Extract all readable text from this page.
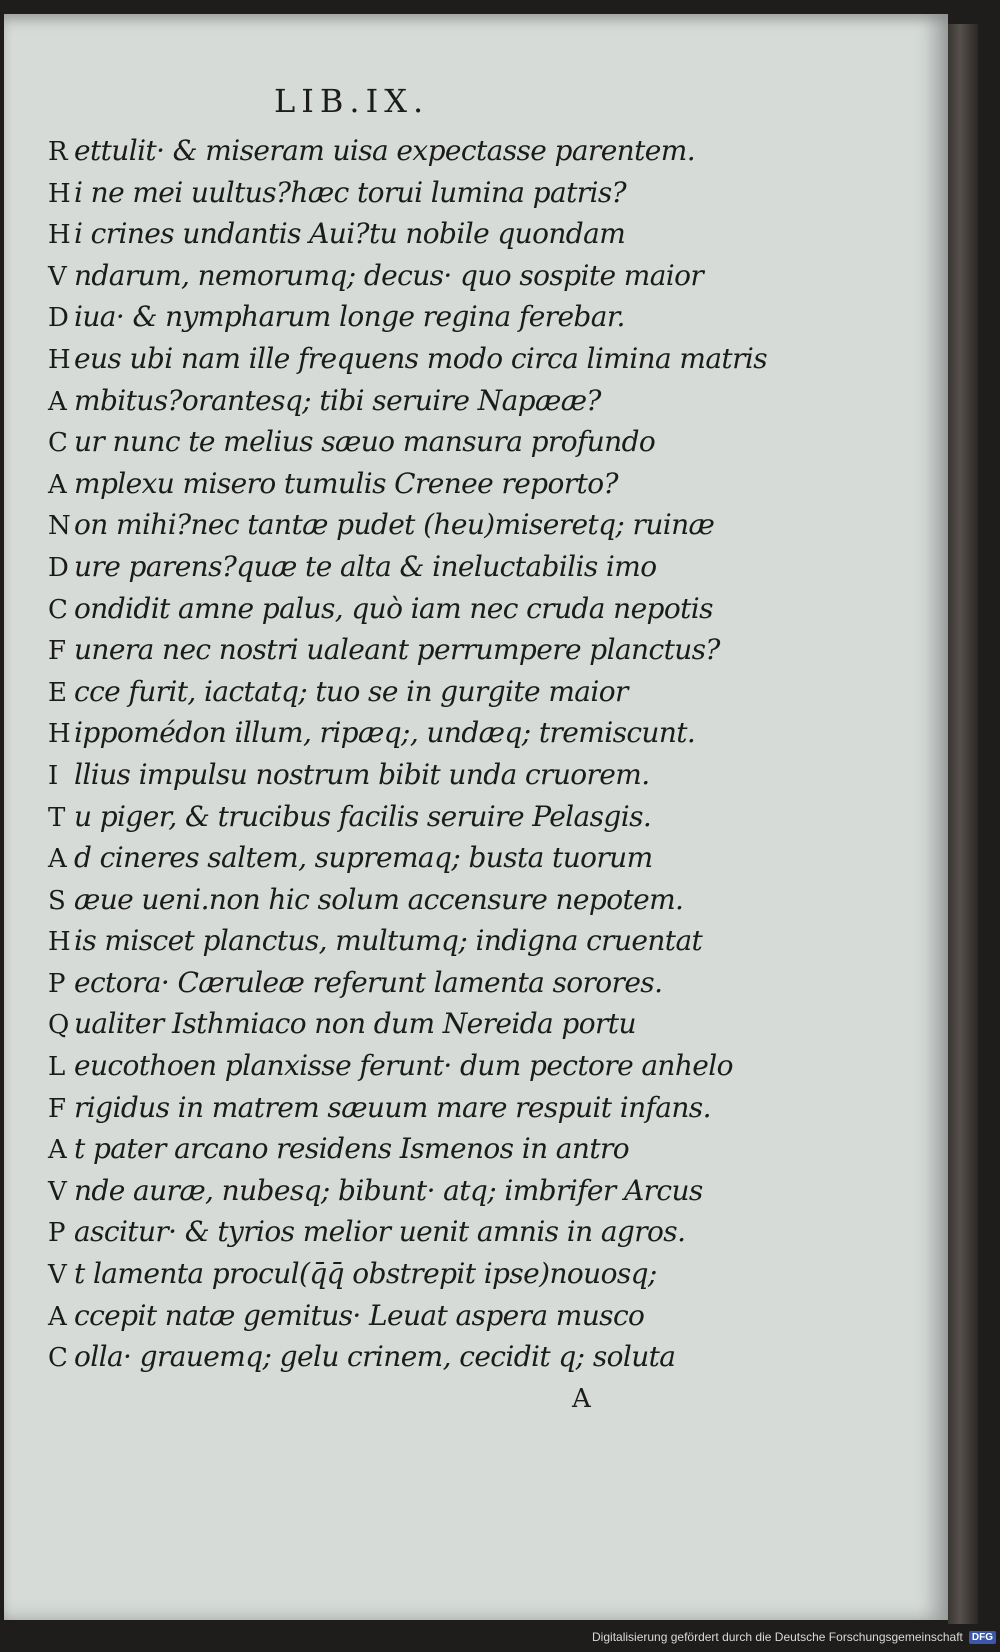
LIB.IX.
R ettulit· & miseram uisa expectasse parentem.
H i ne mei uultus?hæc torui lumina patris?
H i crines undantis Aui?tu nobile quondam
V ndarum, nemorumq; decus· quo sospite maior
D iua· & nympharum longe regina ferebar.
H eus ubi nam ille frequens modo circa limina matris
A mbitus?orantesq; tibi seruire Napææ?
C ur nunc te melius sæuo mansura profundo
A mplexu misero tumulis Crenee reporto?
N on mihi?nec tantæ pudet (heu)miseretq; ruinæ
D ure parens?quæ te alta & ineluctabilis imo
C ondidit amne palus, quò iam nec cruda nepotis
F unera nec nostri ualeant perrumpere planctus?
E cce furit, iactatq; tuo se in gurgite maior
H ippomédon illum, ripæq;, undæq; tremiscunt.
I llius impulsu nostrum bibit unda cruorem.
T u piger, & trucibus facilis seruire Pelasgis.
A d cineres saltem, supremaq; busta tuorum
S æue ueni.non hic solum accensure nepotem.
H is miscet planctus, multumq; indigna cruentat
P ectora· Cæruleæ referunt lamenta sorores.
Q ualiter Isthmiaco non dum Nereida portu
L eucothoen planxisse ferunt· dum pectore anhelo
F rigidus in matrem sæuum mare respuit infans.
A t pater arcano residens Ismenos in antro
V nde auræ, nubesq; bibunt· atq; imbrifer Arcus
P ascitur· & tyrios melior uenit amnis in agros.
V t lamenta procul(q̄q̄ obstrepit ipse)nouosq;
A ccepit natæ gemitus· Leuat aspera musco
C olla· grauemq; gelu crinem, cecidit q; soluta
A
Digitalisierung gefördert durch die Deutsche Forschungsgemeinschaft DFG
